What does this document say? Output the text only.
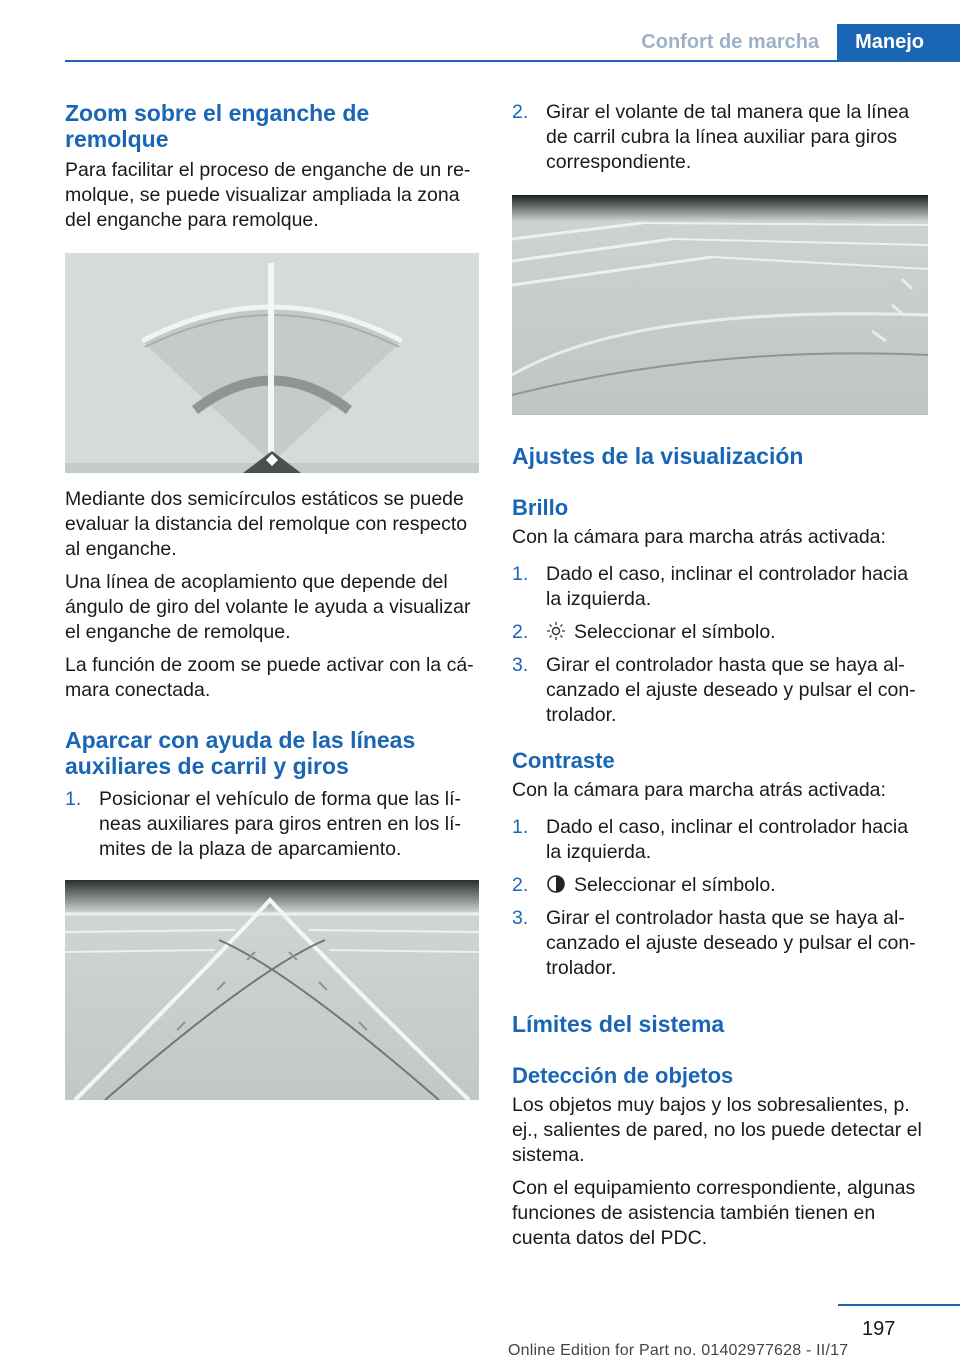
Confort de marcha	Manejo
Zoom sobre el enganche de remolque

Para facilitar el proceso de enganche de un re‐ molque, se puede visualizar ampliada la zona del enganche para remolque.

Mediante dos semicírculos estáticos se puede evaluar la distancia del remolque con respecto al enganche.

Una línea de acoplamiento que depende del ángulo de giro del volante le ayuda a visualizar el enganche de remolque.

La función de zoom se puede activar con la cá‐ mara conectada.

Aparcar con ayuda de las líneas auxiliares de carril y giros
1. Posicionar el vehículo de forma que las lí‐ neas auxiliares para giros entren en los lí‐ mites de la plaza de aparcamiento.
2. Girar el volante de tal manera que la línea de carril cubra la línea auxiliar para giros correspondiente.
Ajustes de la visualización
Brillo

Con la cámara para marcha atrás activada:

1. Dado el caso, inclinar el controlador hacia la izquierda.
2.	Seleccionar el símbolo.
3. Girar el controlador hasta que se haya al‐ canzado el ajuste deseado y pulsar el con‐ trolador.
Contraste

Con la cámara para marcha atrás activada:

1. Dado el caso, inclinar el controlador hacia la izquierda.
2.	Seleccionar el símbolo.
3. Girar el controlador hasta que se haya al‐ canzado el ajuste deseado y pulsar el con‐ trolador.
Límites del sistema
Detección de objetos

Los objetos muy bajos y los sobresalientes, p. ej., salientes de pared, no los puede detectar el sistema.

Con el equipamiento correspondiente, algunas funciones de asistencia también tienen en cuenta datos del PDC.

197
Online Edition for Part no. 01402977628 - II/17
